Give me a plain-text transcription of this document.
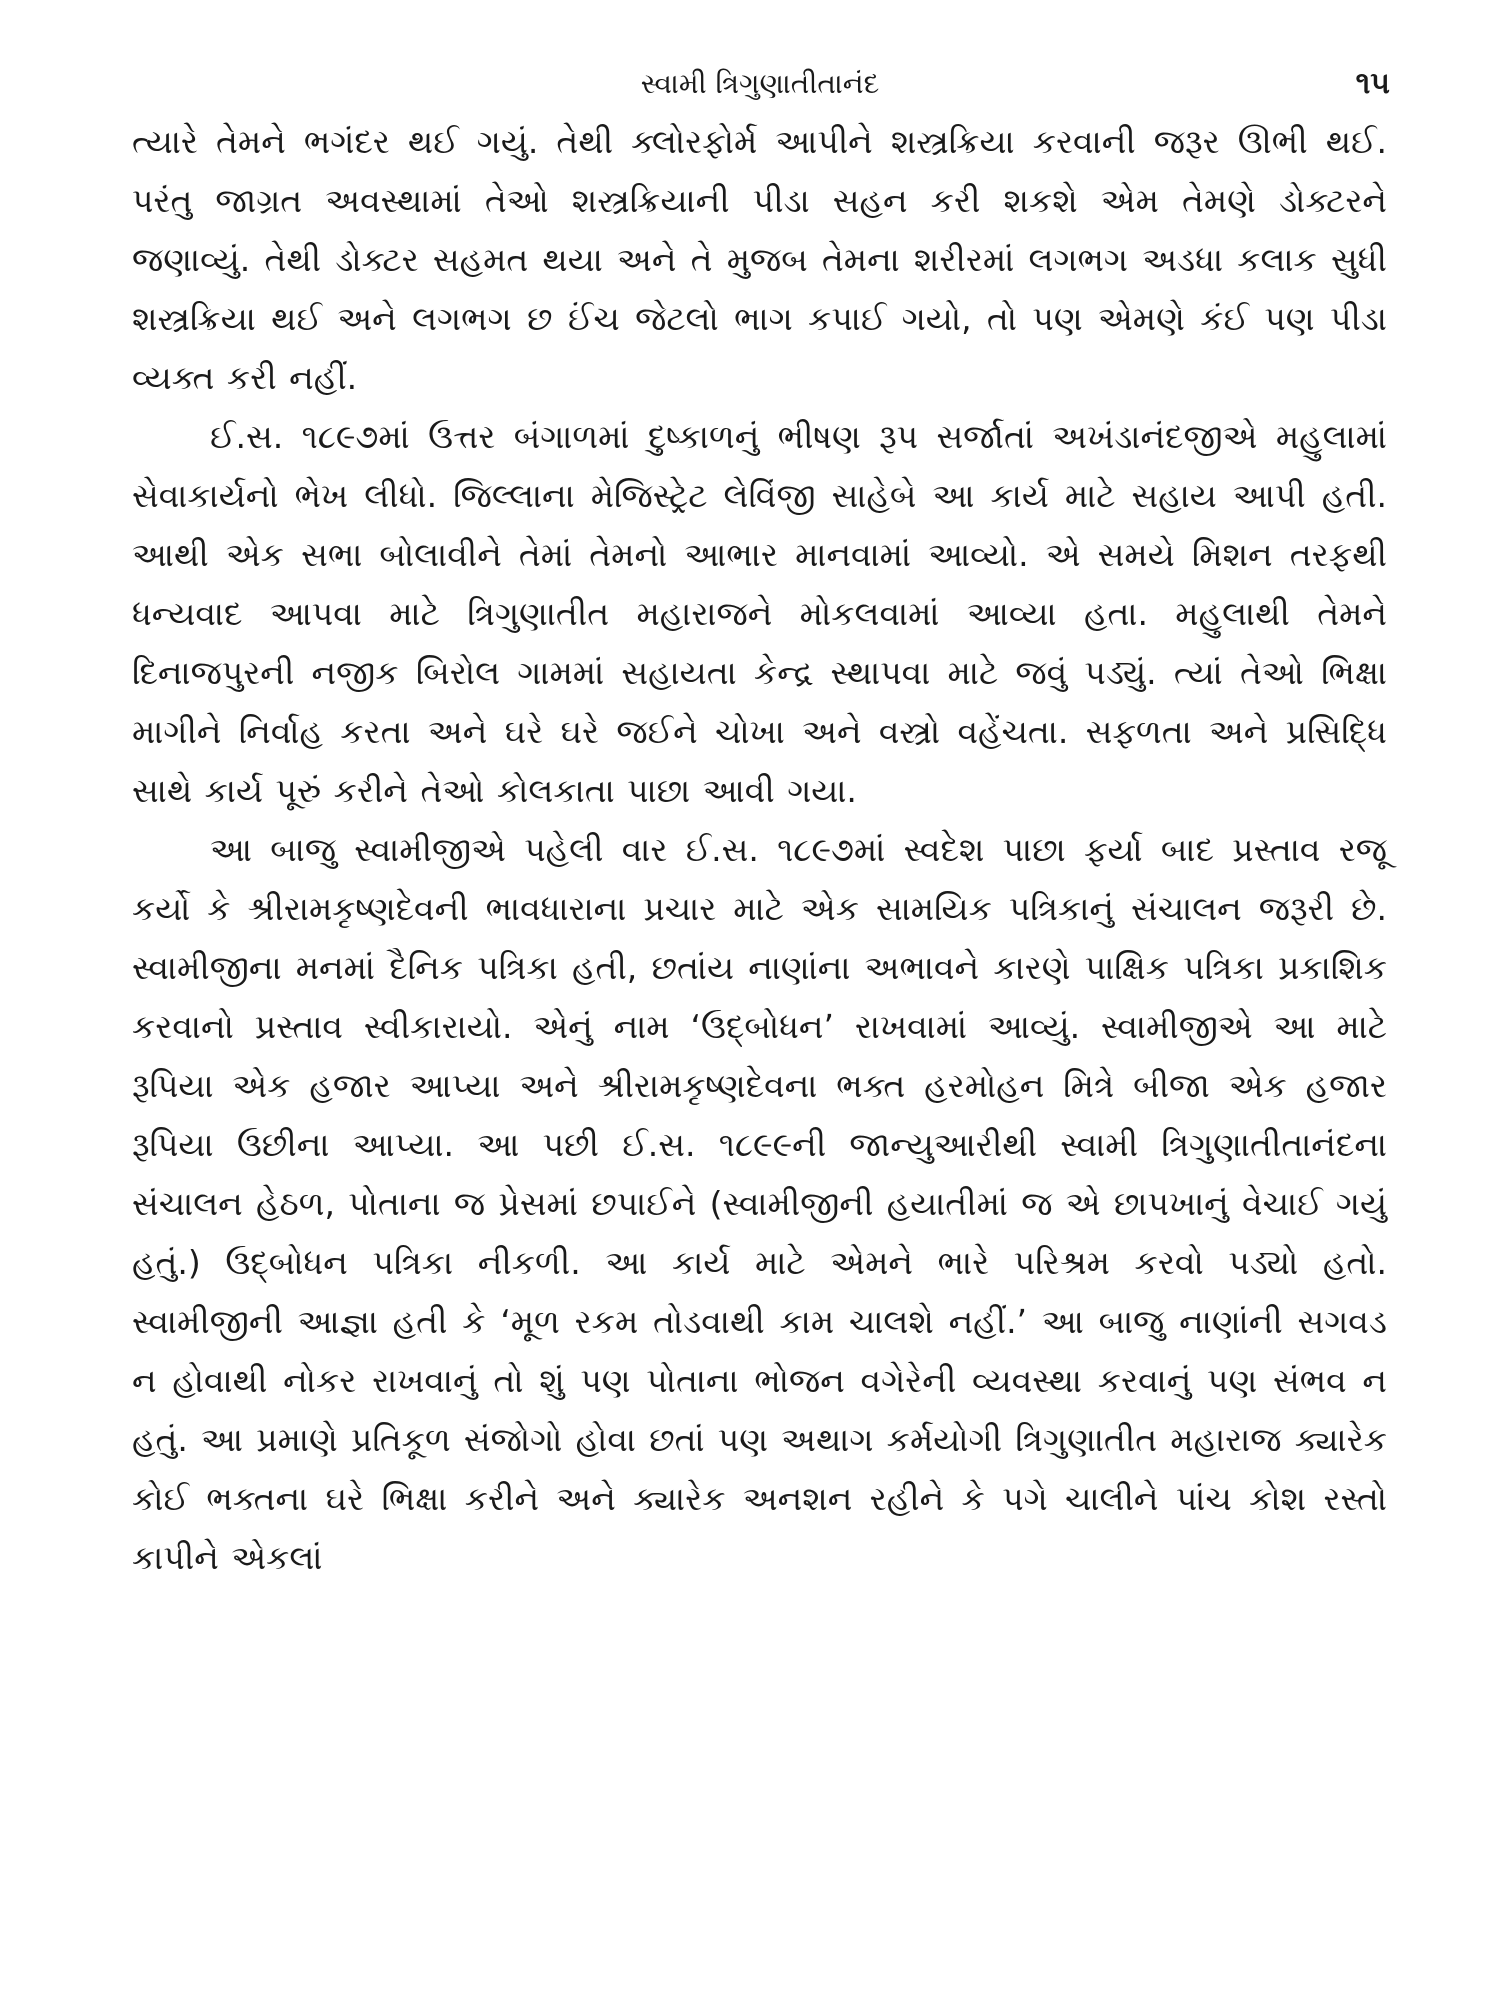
સ્વામી ત્રિગુણાતીતાનંદ	૧૫

ત્યારે તેમને ભગંદર થઈ ગયું. તેથી ક્લોરફોર્મ આપીને શસ્ત્રક્રિયા કરવાની જરૂર ઊભી થઈ. પરંતુ જાગ્રત અવસ્થામાં તેઓ શસ્ત્રક્રિયાની પીડા સહન કરી શકશે એમ તેમણે ડોક્ટરને જણાવ્યું. તેથી ડોક્ટર સહમત થયા અને તે મુજબ તેમના શરીરમાં લગભગ અડધા કલાક સુધી શસ્ત્રક્રિયા થઈ અને લગભગ છ ઈંચ જેટલો ભાગ કપાઈ ગયો, તો પણ એમણે કંઈ પણ પીડા વ્યક્ત કરી નહીં.

ઈ.સ. ૧૮૯૭માં ઉત્તર બંગાળમાં દુષ્કાળનું ભીષણ રૂપ સર્જાતાં અખંડાનંદજીએ મહુલામાં સેવાકાર્યનો ભેખ લીધો. જિલ્લાના મેજિસ્ટ્રેટ લેવિંજી સાહેબે આ કાર્ય માટે સહાય આપી હતી. આથી એક સભા બોલાવીને તેમાં તેમનો આભાર માનવામાં આવ્યો. એ સમયે મિશન તરફથી ધન્યવાદ આપવા માટે ત્રિગુણાતીત મહારાજને મોકલવામાં આવ્યા હતા. મહુલાથી તેમને દિનાજપુરની નજીક બિરોલ ગામમાં સહાયતા કેન્દ્ર સ્થાપવા માટે જવું પડ્યું. ત્યાં તેઓ ભિક્ષા માગીને નિર્વાહ કરતા અને ઘરે ઘરે જઈને ચોખા અને વસ્ત્રો વહેંચતા. સફળતા અને પ્રસિદ્ધિ સાથે કાર્ય પૂરું કરીને તેઓ કોલકાતા પાછા આવી ગયા.

આ બાજુ સ્વામીજીએ પહેલી વાર ઈ.સ. ૧૮૯૭માં સ્વદેશ પાછા ફર્યા બાદ પ્રસ્તાવ રજૂ કર્યો કે શ્રીરામકૃષ્ણદેવની ભાવધારાના પ્રચાર માટે એક સામયિક પત્રિકાનું સંચાલન જરૂરી છે. સ્વામીજીના મનમાં દૈનિક પત્રિકા હતી, છતાંય નાણાંના અભાવને કારણે પાક્ષિક પત્રિકા પ્રકાશિક કરવાનો પ્રસ્તાવ સ્વીકારાયો. એનું નામ ‘ઉદ્બોધન’ રાખવામાં આવ્યું. સ્વામીજીએ આ માટે રૂપિયા એક હજાર આપ્યા અને શ્રીરામકૃષ્ણદેવના ભક્ત હરમોહન મિત્રે બીજા એક હજાર રૂપિયા ઉછીના આપ્યા. આ પછી ઈ.સ. ૧૮૯૯ની જાન્યુઆરીથી સ્વામી ત્રિગુણાતીતાનંદના સંચાલન હેઠળ, પોતાના જ પ્રેસમાં છપાઈને (સ્વામીજીની હયાતીમાં જ એ છાપખાનું વેચાઈ ગયું હતું.) ઉદ્બોધન પત્રિકા નીકળી. આ કાર્ય માટે એમને ભારે પરિશ્રમ કરવો પડ્યો હતો. સ્વામીજીની આજ્ઞા હતી કે ‘મૂળ રકમ તોડવાથી કામ ચાલશે નહીં.’ આ બાજુ નાણાંની સગવડ ન હોવાથી નોકર રાખવાનું તો શું પણ પોતાના ભોજન વગેરેની વ્યવસ્થા કરવાનું પણ સંભવ ન હતું. આ પ્રમાણે પ્રતિકૂળ સંજોગો હોવા છતાં પણ અથાગ કર્મયોગી ત્રિગુણાતીત મહારાજ ક્યારેક કોઈ ભક્તના ઘરે ભિક્ષા કરીને અને ક્યારેક અનશન રહીને કે પગે ચાલીને પાંચ કોશ રસ્તો કાપીને એકલાં
